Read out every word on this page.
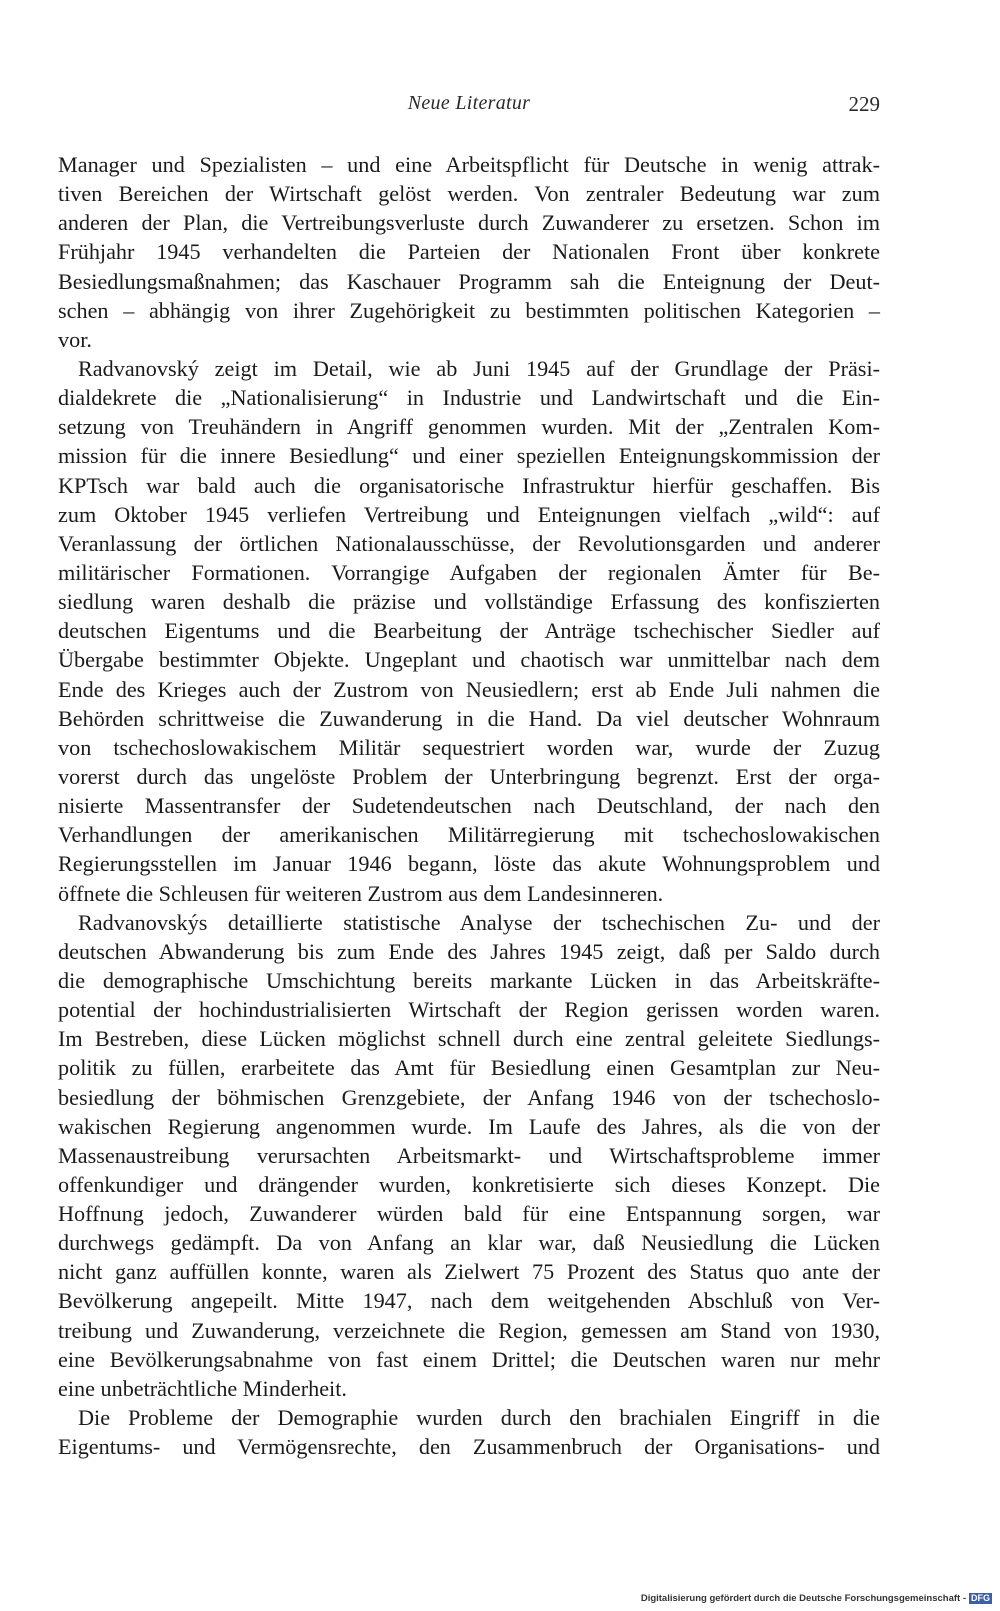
Neue Literatur	229
Manager und Spezialisten – und eine Arbeitspflicht für Deutsche in wenig attrak-
tiven Bereichen der Wirtschaft gelöst werden. Von zentraler Bedeutung war zum
anderen der Plan, die Vertreibungsverluste durch Zuwanderer zu ersetzen. Schon im
Frühjahr 1945 verhandelten die Parteien der Nationalen Front über konkrete
Besiedlungsmaßnahmen; das Kaschauer Programm sah die Enteignung der Deut-
schen – abhängig von ihrer Zugehörigkeit zu bestimmten politischen Kategorien –
vor.
Radvanovský zeigt im Detail, wie ab Juni 1945 auf der Grundlage der Präsi-
dialdekrete die „Nationalisierung“ in Industrie und Landwirtschaft und die Ein-
setzung von Treuhändern in Angriff genommen wurden. Mit der „Zentralen Kom-
mission für die innere Besiedlung“ und einer speziellen Enteignungskommission der
KPTsch war bald auch die organisatorische Infrastruktur hierfür geschaffen. Bis
zum Oktober 1945 verliefen Vertreibung und Enteignungen vielfach „wild“: auf
Veranlassung der örtlichen Nationalausschüsse, der Revolutionsgarden und anderer
militärischer Formationen. Vorrangige Aufgaben der regionalen Ämter für Be-
siedlung waren deshalb die präzise und vollständige Erfassung des konfiszierten
deutschen Eigentums und die Bearbeitung der Anträge tschechischer Siedler auf
Übergabe bestimmter Objekte. Ungeplant und chaotisch war unmittelbar nach dem
Ende des Krieges auch der Zustrom von Neusiedlern; erst ab Ende Juli nahmen die
Behörden schrittweise die Zuwanderung in die Hand. Da viel deutscher Wohnraum
von tschechoslowakischem Militär sequestriert worden war, wurde der Zuzug
vorerst durch das ungelöste Problem der Unterbringung begrenzt. Erst der orga-
nisierte Massentransfer der Sudetendeutschen nach Deutschland, der nach den
Verhandlungen der amerikanischen Militärregierung mit tschechoslowakischen
Regierungsstellen im Januar 1946 begann, löste das akute Wohnungsproblem und
öffnete die Schleusen für weiteren Zustrom aus dem Landesinneren.
Radvanovskýs detaillierte statistische Analyse der tschechischen Zu- und der
deutschen Abwanderung bis zum Ende des Jahres 1945 zeigt, daß per Saldo durch
die demographische Umschichtung bereits markante Lücken in das Arbeitskräfte-
potential der hochindustrialisierten Wirtschaft der Region gerissen worden waren.
Im Bestreben, diese Lücken möglichst schnell durch eine zentral geleitete Siedlungs-
politik zu füllen, erarbeitete das Amt für Besiedlung einen Gesamtplan zur Neu-
besiedlung der böhmischen Grenzgebiete, der Anfang 1946 von der tschechoslo-
wakischen Regierung angenommen wurde. Im Laufe des Jahres, als die von der
Massenaustreibung verursachten Arbeitsmarkt- und Wirtschaftsprobleme immer
offenkundiger und drängender wurden, konkretisierte sich dieses Konzept. Die
Hoffnung jedoch, Zuwanderer würden bald für eine Entspannung sorgen, war
durchwegs gedämpft. Da von Anfang an klar war, daß Neusiedlung die Lücken
nicht ganz auffüllen konnte, waren als Zielwert 75 Prozent des Status quo ante der
Bevölkerung angepeilt. Mitte 1947, nach dem weitgehenden Abschluß von Ver-
treibung und Zuwanderung, verzeichnete die Region, gemessen am Stand von 1930,
eine Bevölkerungsabnahme von fast einem Drittel; die Deutschen waren nur mehr
eine unbeträchtliche Minderheit.
Die Probleme der Demographie wurden durch den brachialen Eingriff in die
Eigentums- und Vermögensrechte, den Zusammenbruch der Organisations- und
Digitalisierung gefördert durch die Deutsche Forschungsgemeinschaft - DFG
